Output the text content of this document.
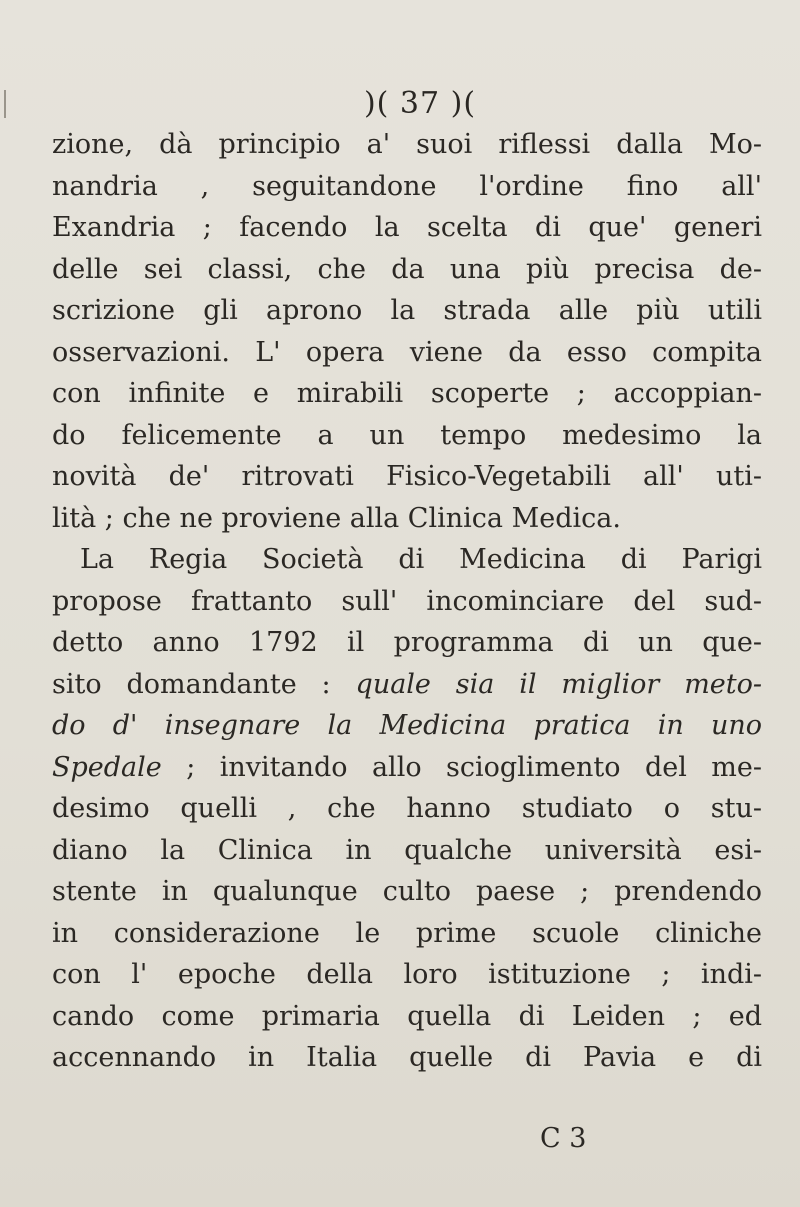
)( 37 )(
zione, dà principio a' suoi riflessi dalla Mo-
nandria , seguitandone l'ordine fino all'
Exandria ; facendo la scelta di que' generi
delle sei classi, che da una più precisa de-
scrizione gli aprono la strada alle più utili
osservazioni. L' opera viene da esso compita
con infinite e mirabili scoperte ; accoppian-
do felicemente a un tempo medesimo la
novità de' ritrovati Fisico-Vegetabili all' uti-
lità ; che ne proviene alla Clinica Medica.
La Regia Società di Medicina di Parigi
propose frattanto sull' incominciare del sud-
detto anno 1792 il programma di un que-
sito domandante : quale sia il miglior meto-
do d' insegnare la Medicina pratica in uno
Spedale ; invitando allo scioglimento del me-
desimo quelli , che hanno studiato o stu-
diano la Clinica in qualche università esi-
stente in qualunque culto paese ; prendendo
in considerazione le prime scuole cliniche
con l' epoche della loro istituzione ; indi-
cando come primaria quella di Leiden ; ed
accennando in Italia quelle di Pavia e di
C 3
